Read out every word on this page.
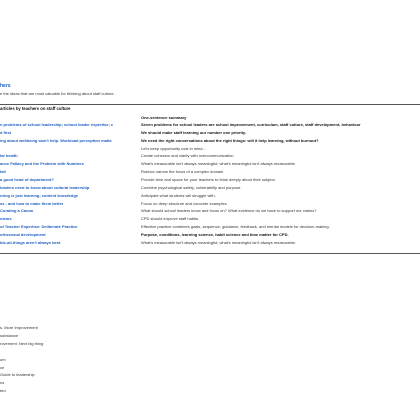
hers
e the ideas that are most valuable for thinking about staff culture.
articles by teachers on staff culture
One-sentence summary
n problems of school leadership; school leader expertise; c	Seven problems for school leaders are school improvement, curriculum, staff culture, staff development, behaviour
d first	We should make staff learning our number one priority.
ing about wellbeing won't help. Workload perception matte	We need the right conversations about the right things: will it help learning, without burnout?
Let's keep opportunity cost in mind...
tal health	Create cohesion and clarity with overcommunication
ance Fallacy and the Problem with Numbers	What's measurable isn't always meaningful; what's meaningful isn't always measurable.
fail	Rubrics narrow the focus of a complex domain
a good head of department?	Provide time and space for your teachers to think deeply about their subject.
leaders need to know about cultural leadership	Combine psychological safety, vulnerability and purpose.
rning is just learning; content knowledge	Anticipate what students will struggle with.
ss - and how to make them better	Focus on deep structure and concrete examples.
Curating a Canon	What should school leaders know and focus on? What evidence do we have to support our claims?
nisms	CPD should improve staff habits.
of Teacher Expertise: Deliberate Practice	Effective practice combines goals, sequence, guidance, feedback, and mental models for decision-making.
ofessional development	Purpose, conditions, learning science, habit science and time matter for CPD.
ble-all-things aren't always best	What's measurable isn't always meaningful; what's meaningful isn't always measurable.
s. More Improvement
substance
rovement: Next big thing
um
ce
Guide to leadership
ns
ted
